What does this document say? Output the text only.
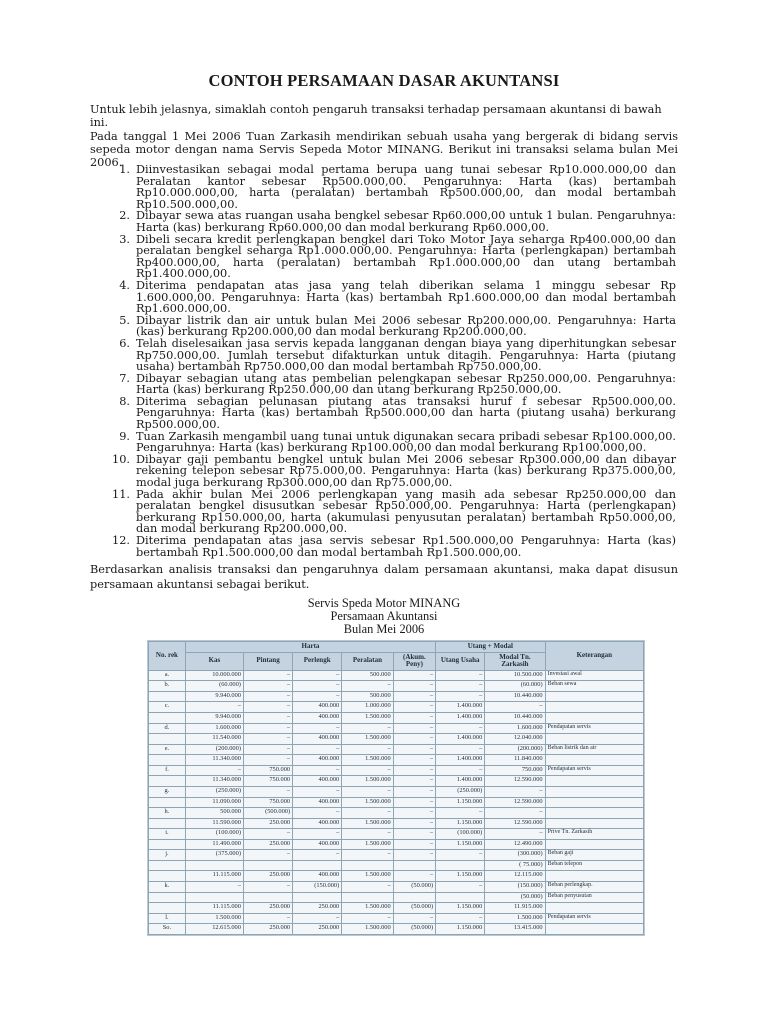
CONTOH PERSAMAAN DASAR AKUNTANSI

Untuk lebih jelasnya, simaklah contoh pengaruh transaksi terhadap persamaan akuntansi di bawah ini.

Pada tanggal 1 Mei 2006 Tuan Zarkasih mendirikan sebuah usaha yang bergerak di bidang servis sepeda motor dengan nama Servis Sepeda Motor MINANG. Berikut ini transaksi selama bulan Mei 2006.

1. Diinvestasikan sebagai modal pertama berupa uang tunai sebesar Rp10.000.000,00 dan Peralatan kantor sebesar Rp500.000,00. Pengaruhnya: Harta (kas) bertambah Rp10.000.000,00, harta (peralatan) bertambah Rp500.000,00, dan modal bertambah Rp10.500.000,00.
2. Dibayar sewa atas ruangan usaha bengkel sebesar Rp60.000,00 untuk 1 bulan. Pengaruhnya: Harta (kas) berkurang Rp60.000,00 dan modal berkurang Rp60.000,00.
3. Dibeli secara kredit perlengkapan bengkel dari Toko Motor Jaya seharga Rp400.000,00 dan peralatan bengkel seharga Rp1.000.000,00. Pengaruhnya: Harta (perlengkapan) bertambah Rp400.000,00, harta (peralatan) bertambah Rp1.000.000,00 dan utang bertambah Rp1.400.000,00.
4. Diterima pendapatan atas jasa yang telah diberikan selama 1 minggu sebesar Rp 1.600.000,00. Pengaruhnya: Harta (kas) bertambah Rp1.600.000,00 dan modal bertambah Rp1.600.000,00.
5. Dibayar listrik dan air untuk bulan Mei 2006 sebesar Rp200.000,00. Pengaruhnya: Harta (kas) berkurang Rp200.000,00 dan modal berkurang Rp200.000,00.
6. Telah diselesaikan jasa servis kepada langganan dengan biaya yang diperhitungkan sebesar Rp750.000,00. Jumlah tersebut difakturkan untuk ditagih. Pengaruhnya: Harta (piutang usaha) bertambah Rp750.000,00 dan modal bertambah Rp750.000,00.
7. Dibayar sebagian utang atas pembelian pelengkapan sebesar Rp250.000,00. Pengaruhnya: Harta (kas) berkurang Rp250.000,00 dan utang berkurang Rp250.000,00.
8. Diterima sebagian pelunasan piutang atas transaksi huruf f sebesar Rp500.000,00. Pengaruhnya: Harta (kas) bertambah Rp500.000,00 dan harta (piutang usaha) berkurang Rp500.000,00.
9. Tuan Zarkasih mengambil uang tunai untuk digunakan secara pribadi sebesar Rp100.000,00. Pengaruhnya: Harta (kas) berkurang Rp100.000,00 dan modal berkurang Rp100.000,00.
10. Dibayar gaji pembantu bengkel untuk bulan Mei 2006 sebesar Rp300.000,00 dan dibayar rekening telepon sebesar Rp75.000,00. Pengaruhnya: Harta (kas) berkurang Rp375.000,00, modal juga berkurang Rp300.000,00 dan Rp75.000,00.
11. Pada akhir bulan Mei 2006 perlengkapan yang masih ada sebesar Rp250.000,00 dan peralatan bengkel disusutkan sebesar Rp50.000,00. Pengaruhnya: Harta (perlengkapan) berkurang Rp150.000,00, harta (akumulasi penyusutan peralatan) bertambah Rp50.000,00, dan modal berkurang Rp200.000,00.
12. Diterima pendapatan atas jasa servis sebesar Rp1.500.000,00 Pengaruhnya: Harta (kas) bertambah Rp1.500.000,00 dan modal bertambah Rp1.500.000,00.

Berdasarkan analisis transaksi dan pengaruhnya dalam persamaan akuntansi, maka dapat disusun persamaan akuntansi sebagai berikut.

Servis Speda Motor MINANG
Persamaan Akuntansi
Bulan Mei 2006
No. rek	Harta					Utang + Modal		Keterangan
	Kas	Pintang	Perlengk	Peralatan	(Akum. Peny)	Utang Usaha	Modal Tn. Zarkasih	
a.	10.000.000	–	–	500.000	–	–	10.500.000	Investasi awal
b.	(60.000)	–	–	–	–	–	(60.000)	Beban sewa
	9.940.000	–	–	500.000	–	–	10.440.000	
c.	–	–	400.000	1.000.000	–	1.400.000	–	
	9.940.000	–	400.000	1.500.000	–	1.400.000	10.440.000	
d.	1.600.000	–	–	–	–	–	1.600.000	Pendapatan servis
	11.540.000	–	400.000	1.500.000	–	1.400.000	12.040.000	
e.	(200.000)	–	–	–	–	–	(200.000)	Beban listrik dan air
	11.340.000	–	400.000	1.500.000	–	1.400.000	11.840.000	
f.	–	750.000	–	–	–	–	750.000	Pendapatan servis
	11.340.000	750.000	400.000	1.500.000	–	1.400.000	12.590.000	
g.	(250.000)	–	–	–	–	(250.000)	–	
	11.090.000	750.000	400.000	1.500.000	–	1.150.000	12.590.000	
h.	500.000	(500.000)	–	–	–	–	–	
	11.590.000	250.000	400.000	1.500.000	–	1.150.000	12.590.000	
i.	(100.000)	–	–	–	–	(100.000)	–	Prive Tn. Zarkasih
	11.490.000	250.000	400.000	1.500.000	–	1.150.000	12.490.000	
j.	(375.000)	–	–	–	–	–	(300.000)	Beban gaji
							( 75.000)	Beban telepon
	11.115.000	250.000	400.000	1.500.000	–	1.150.000	12.115.000	
k.	–	–	(150.000)	–	(50.000)	–	(150.000)	Beban perlengkap.
							(50.000)	Beban penyusutan
	11.115.000	250.000	250.000	1.500.000	(50.000)	1.150.000	11.915.000	
l.	1.500.000	–	–	–	–	–	1.500.000	Pendapatan servis
So.	12.615.000	250.000	250.000	1.500.000	(50.000)	1.150.000	13.415.000	
